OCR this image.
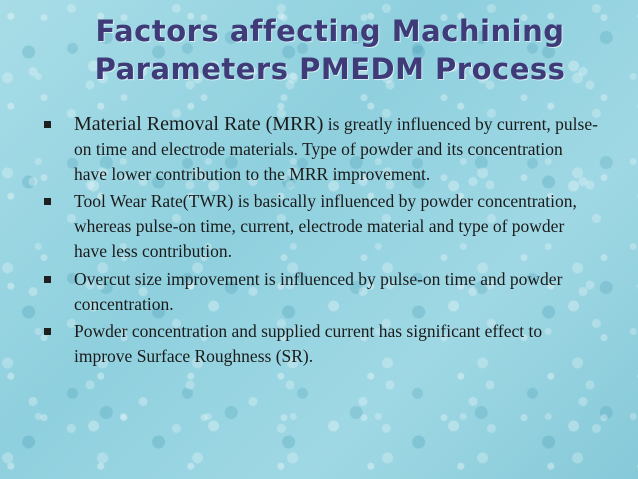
Factors affecting Machining
Parameters PMEDM Process
Material Removal Rate (MRR) is greatly influenced by current, pulse-on time and electrode materials. Type of powder and its concentration have lower contribution to the MRR improvement.
Tool Wear Rate(TWR) is basically influenced by powder concentration, whereas pulse-on time, current, electrode material and type of powder have less contribution.
Overcut size improvement is influenced by pulse-on time and powder concentration.
Powder concentration and supplied current has significant effect to improve Surface Roughness (SR).
